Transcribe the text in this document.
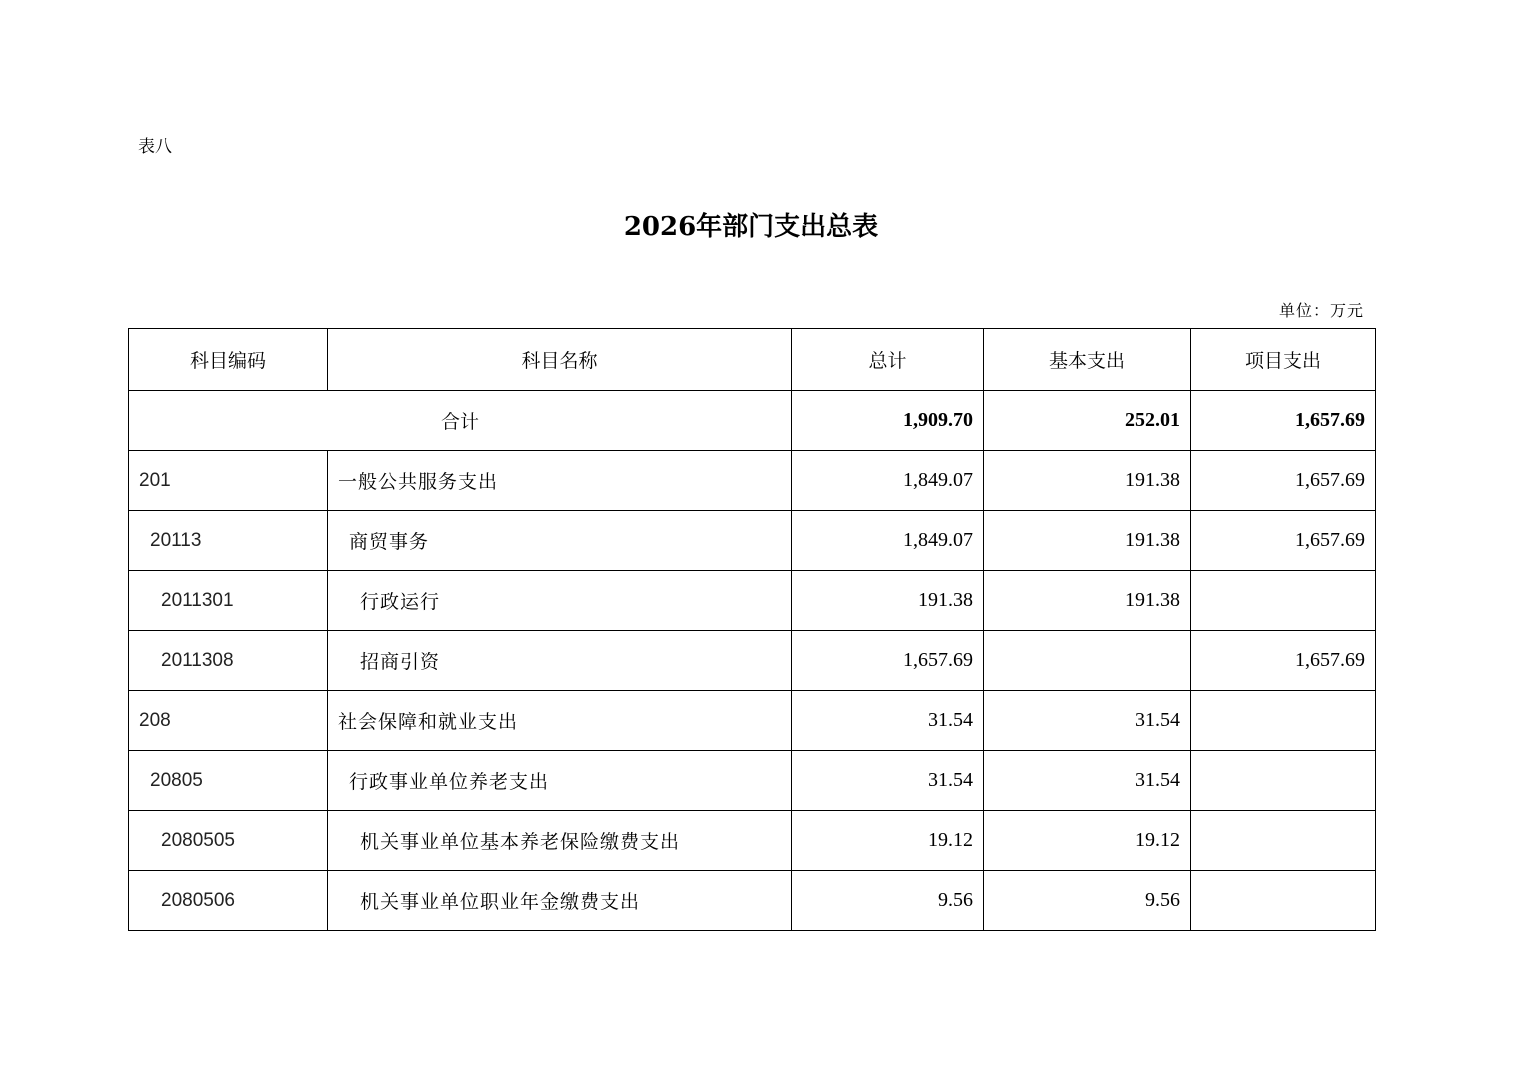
表八
2026年部门支出总表
单位：万元
科目编码	科目名称	总计	基本支出	项目支出
合计		1,909.70	252.01	1,657.69
201	一般公共服务支出	1,849.07	191.38	1,657.69
20113	商贸事务	1,849.07	191.38	1,657.69
2011301	行政运行	191.38	191.38	
2011308	招商引资	1,657.69		1,657.69
208	社会保障和就业支出	31.54	31.54	
20805	行政事业单位养老支出	31.54	31.54	
2080505	机关事业单位基本养老保险缴费支出	19.12	19.12	
2080506	机关事业单位职业年金缴费支出	9.56	9.56	
